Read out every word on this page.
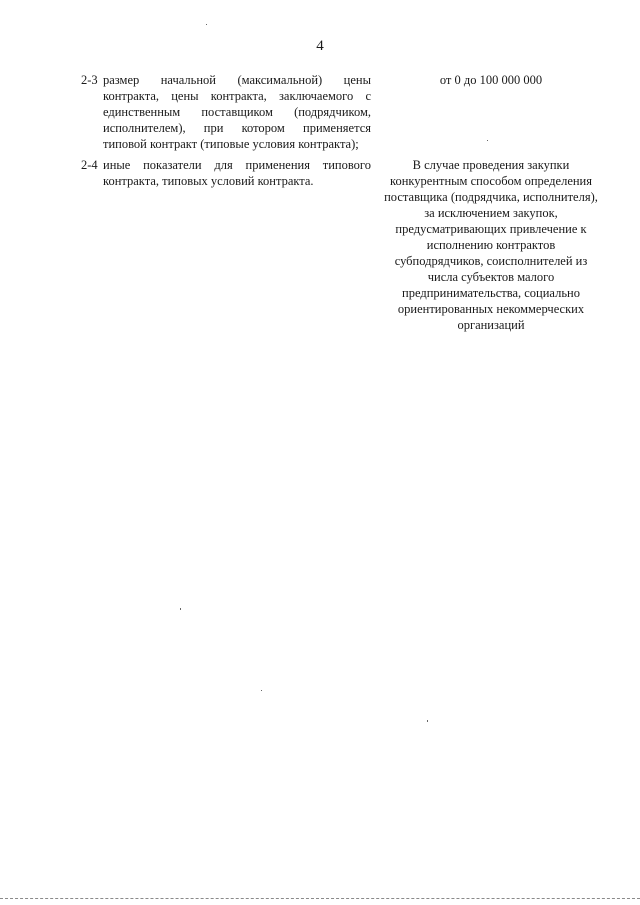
4
2-3 размер начальной (максимальной) цены контракта, цены контракта, заключаемого с единственным поставщиком (подрядчиком, исполнителем), при котором применяется типовой контракт (типовые условия контракта);
от 0 до 100 000 000
2-4 иные показатели для применения типового контракта, типовых условий контракта.
В случае проведения закупки конкурентным способом определения поставщика (подрядчика, исполнителя), за исключением закупок, предусматривающих привлечение к исполнению контрактов субподрядчиков, соисполнителей из числа субъектов малого предпринимательства, социально ориентированных некоммерческих организаций
